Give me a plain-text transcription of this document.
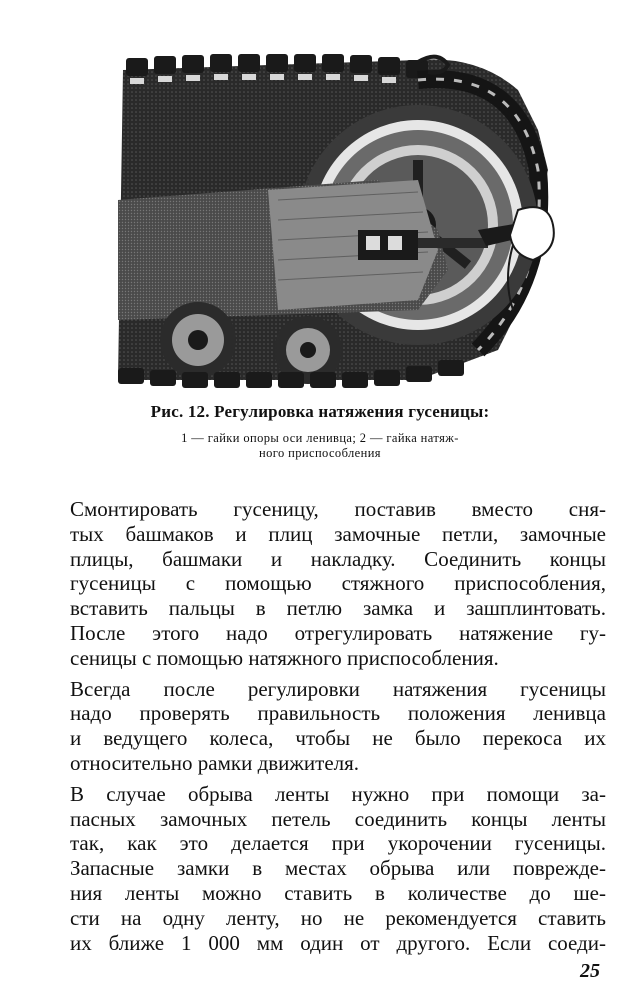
Рис. 12. Регулировка натяжения гусеницы:
1 — гайки опоры оси ленивца; 2 — гайка натяж-
ного приспособления

Смонтировать гусеницу, поставив вместо сня-
тых башмаков и плиц замочные петли, замочные
плицы, башмаки и накладку. Соединить концы
гусеницы с помощью стяжного приспособления,
вставить пальцы в петлю замка и зашплинтовать.
После этого надо отрегулировать натяжение гу-
сеницы с помощью натяжного приспособления.

Всегда после регулировки натяжения гусеницы
надо проверять правильность положения ленивца
и ведущего колеса, чтобы не было перекоса их
относительно рамки движителя.

В случае обрыва ленты нужно при помощи за-
пасных замочных петель соединить концы ленты
так, как это делается при укорочении гусеницы.
Запасные замки в местах обрыва или поврежде-
ния ленты можно ставить в количестве до ше-
сти на одну ленту, но не рекомендуется ставить
их ближе 1 000 мм один от другого. Если соеди-

25
